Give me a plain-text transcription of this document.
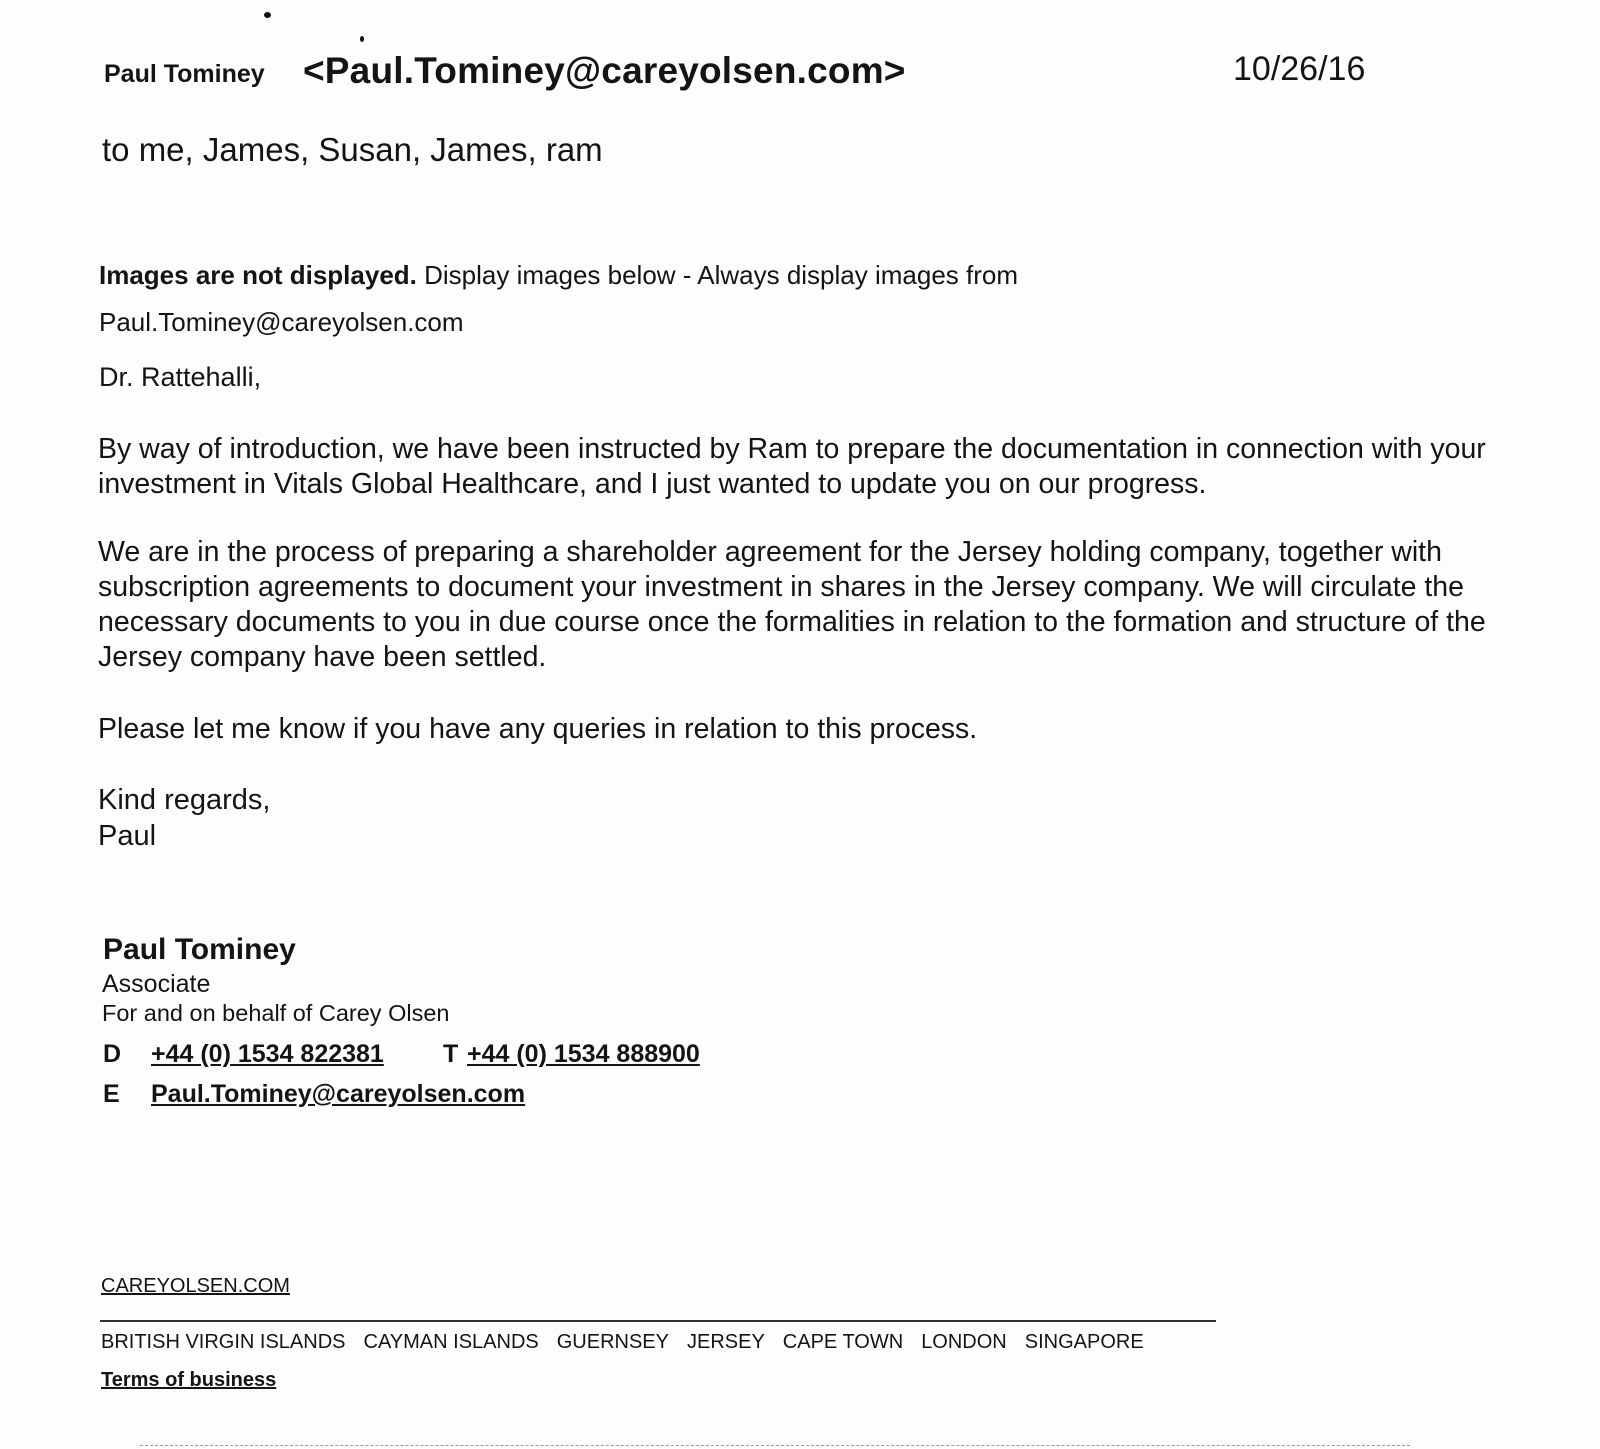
Paul Tominey <Paul.Tominey@careyolsen.com>	10/26/16
to me, James, Susan, James, ram
Images are not displayed. Display images below - Always display images from
Paul.Tominey@careyolsen.com
Dr. Rattehalli,
By way of introduction, we have been instructed by Ram to prepare the documentation in connection with your investment in Vitals Global Healthcare, and I just wanted to update you on our progress.
We are in the process of preparing a shareholder agreement for the Jersey holding company, together with subscription agreements to document your investment in shares in the Jersey company. We will circulate the necessary documents to you in due course once the formalities in relation to the formation and structure of the Jersey company have been settled.
Please let me know if you have any queries in relation to this process.
Kind regards,
Paul
Paul Tominey
Associate
For and on behalf of Carey Olsen
D +44 (0) 1534 822381 T +44 (0) 1534 888900
E Paul.Tominey@careyolsen.com
CAREYOLSEN.COM
BRITISH VIRGIN ISLANDS CAYMAN ISLANDS GUERNSEY JERSEY CAPE TOWN LONDON SINGAPORE
Terms of business
